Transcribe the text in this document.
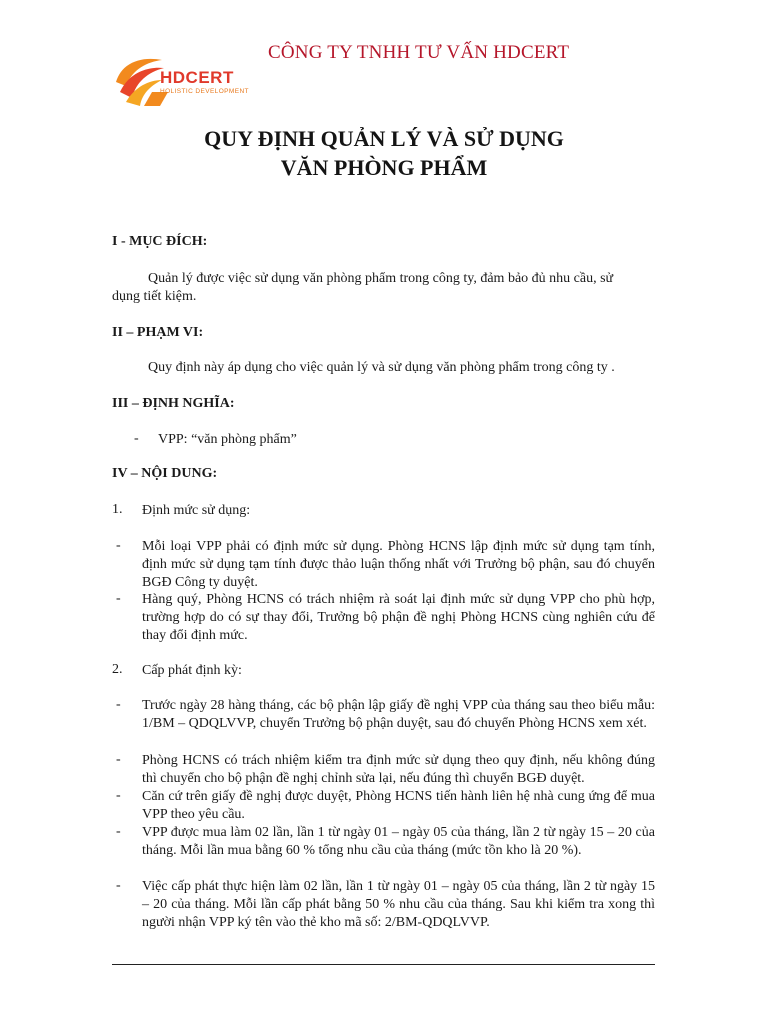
CÔNG TY TNHH TƯ VẤN HDCERT
HDCERT
HOLISTIC DEVELOPMENT
QUY ĐỊNH QUẢN LÝ VÀ SỬ DỤNG
VĂN PHÒNG PHẨM
I - MỤC ĐÍCH:
Quản lý được việc sử dụng văn phòng phẩm trong công ty, đảm bảo đủ nhu cầu, sử
dụng tiết kiệm.
II – PHẠM VI:
Quy định này áp dụng cho việc quản lý và sử dụng văn phòng phẩm trong công ty .
III – ĐỊNH NGHĨA:
- VPP: “văn phòng phẩm”
IV – NỘI DUNG:
1. Định mức sử dụng:
- Mỗi loại VPP phải có định mức sử dụng. Phòng HCNS lập định mức sử dụng tạm tính, định mức sử dụng tạm tính được thảo luận thống nhất với Trưởng bộ phận, sau đó chuyển BGĐ Công ty duyệt.
- Hàng quý, Phòng HCNS có trách nhiệm rà soát lại định mức sử dụng VPP cho phù hợp, trường hợp do có sự thay đổi, Trưởng bộ phận đề nghị Phòng HCNS cùng nghiên cứu để thay đổi định mức.
2. Cấp phát định kỳ:
- Trước ngày 28 hàng tháng, các bộ phận lập giấy đề nghị VPP của tháng sau theo biểu mẫu: 1/BM – QDQLVVP, chuyển Trưởng bộ phận duyệt, sau đó chuyển Phòng HCNS xem xét.
- Phòng HCNS có trách nhiệm kiểm tra định mức sử dụng theo quy định, nếu không đúng thì chuyển cho bộ phận đề nghị chỉnh sửa lại, nếu đúng thì chuyển BGĐ duyệt.
- Căn cứ trên giấy đề nghị được duyệt, Phòng HCNS tiến hành liên hệ nhà cung ứng để mua VPP theo yêu cầu.
- VPP được mua làm 02 lần, lần 1 từ ngày 01 – ngày 05 của tháng, lần 2 từ ngày 15 – 20 của tháng. Mỗi lần mua bằng 60 % tổng nhu cầu của tháng (mức tồn kho là 20 %).
- Việc cấp phát thực hiện làm 02 lần, lần 1 từ ngày 01 – ngày 05 của tháng, lần 2 từ ngày 15 – 20 của tháng. Mỗi lần cấp phát bằng 50 % nhu cầu của tháng. Sau khi kiểm tra xong thì người nhận VPP ký tên vào thẻ kho mã số: 2/BM-QDQLVVP.
